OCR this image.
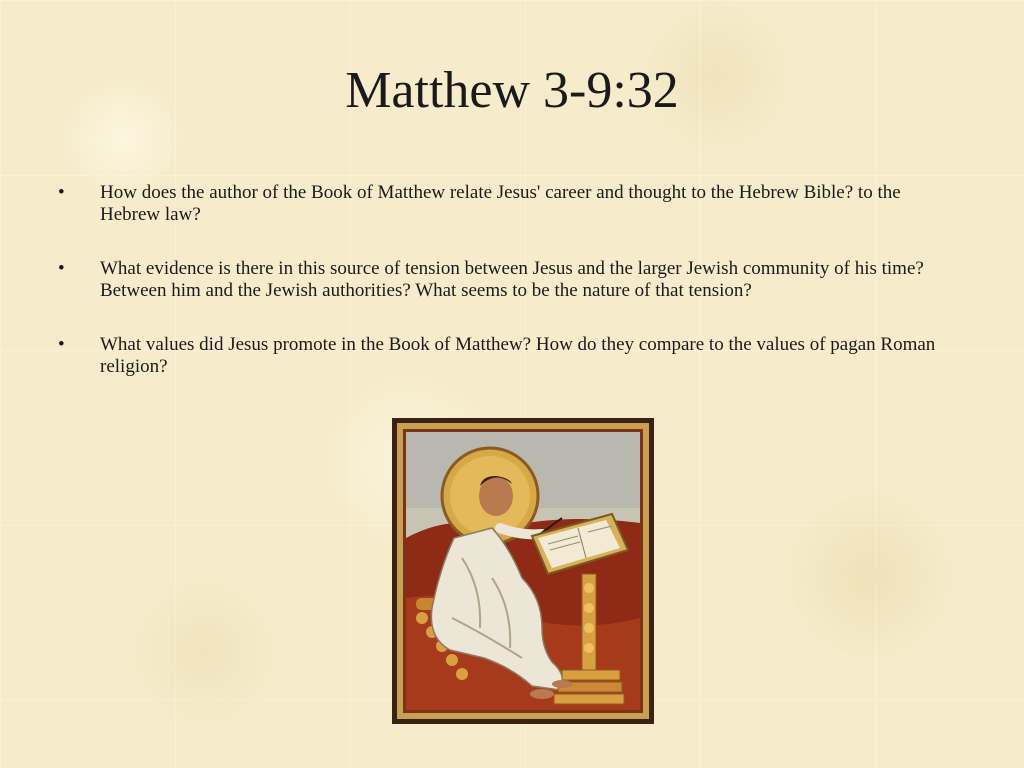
Matthew 3-9:32
•	How does the author of the Book of Matthew relate Jesus' career and thought to the Hebrew Bible? to the Hebrew law?
•	What evidence is there in this source of tension between Jesus and the larger Jewish community of his time? Between him and the Jewish authorities? What seems to be the nature of that tension?
•	What values did Jesus promote in the Book of Matthew? How do they compare to the values of pagan Roman religion?
